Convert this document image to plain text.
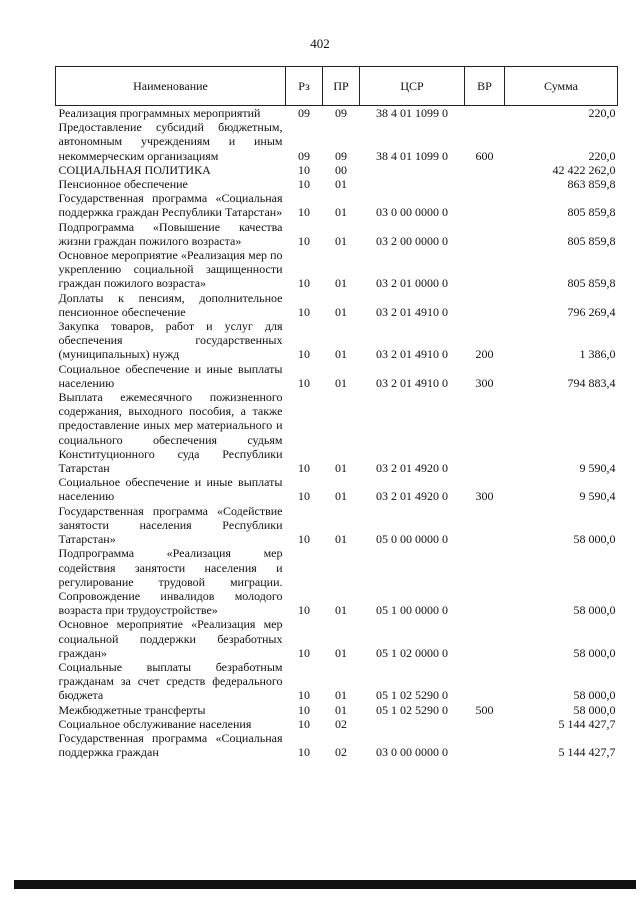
402
Наименование	Рз	ПР	ЦСР	ВР	Сумма
Реализация программных мероприятий	09	09	38 4 01 1099 0		220,0
Предоставление субсидий бюджетным, автономным учреждениям и иным некоммерческим организациям	09	09	38 4 01 1099 0	600	220,0
СОЦИАЛЬНАЯ ПОЛИТИКА	10	00			42 422 262,0
Пенсионное обеспечение	10	01			863 859,8
Государственная программа «Социальная поддержка граждан Республики Татарстан»	10	01	03 0 00 0000 0		805 859,8
Подпрограмма «Повышение качества жизни граждан пожилого возраста»	10	01	03 2 00 0000 0		805 859,8
Основное мероприятие «Реализация мер по укреплению социальной защищенности граждан пожилого возраста»	10	01	03 2 01 0000 0		805 859,8
Доплаты к пенсиям, дополнительное пенсионное обеспечение	10	01	03 2 01 4910 0		796 269,4
Закупка товаров, работ и услуг для обеспечения государственных (муниципальных) нужд	10	01	03 2 01 4910 0	200	1 386,0
Социальное обеспечение и иные выплаты населению	10	01	03 2 01 4910 0	300	794 883,4
Выплата ежемесячного пожизненного содержания, выходного пособия, а также предоставление иных мер материального и социального обеспечения судьям Конституционного суда Республики Татарстан	10	01	03 2 01 4920 0		9 590,4
Социальное обеспечение и иные выплаты населению	10	01	03 2 01 4920 0	300	9 590,4
Государственная программа «Содействие занятости населения Республики Татарстан»	10	01	05 0 00 0000 0		58 000,0
Подпрограмма «Реализация мер содействия занятости населения и регулирование трудовой миграции. Сопровождение инвалидов молодого возраста при трудоустройстве»	10	01	05 1 00 0000 0		58 000,0
Основное мероприятие «Реализация мер социальной поддержки безработных граждан»	10	01	05 1 02 0000 0		58 000,0
Социальные выплаты безработным гражданам за счет средств федерального бюджета	10	01	05 1 02 5290 0		58 000,0
Межбюджетные трансферты	10	01	05 1 02 5290 0	500	58 000,0
Социальное обслуживание населения	10	02			5 144 427,7
Государственная программа «Социальная поддержка граждан	10	02	03 0 00 0000 0		5 144 427,7
